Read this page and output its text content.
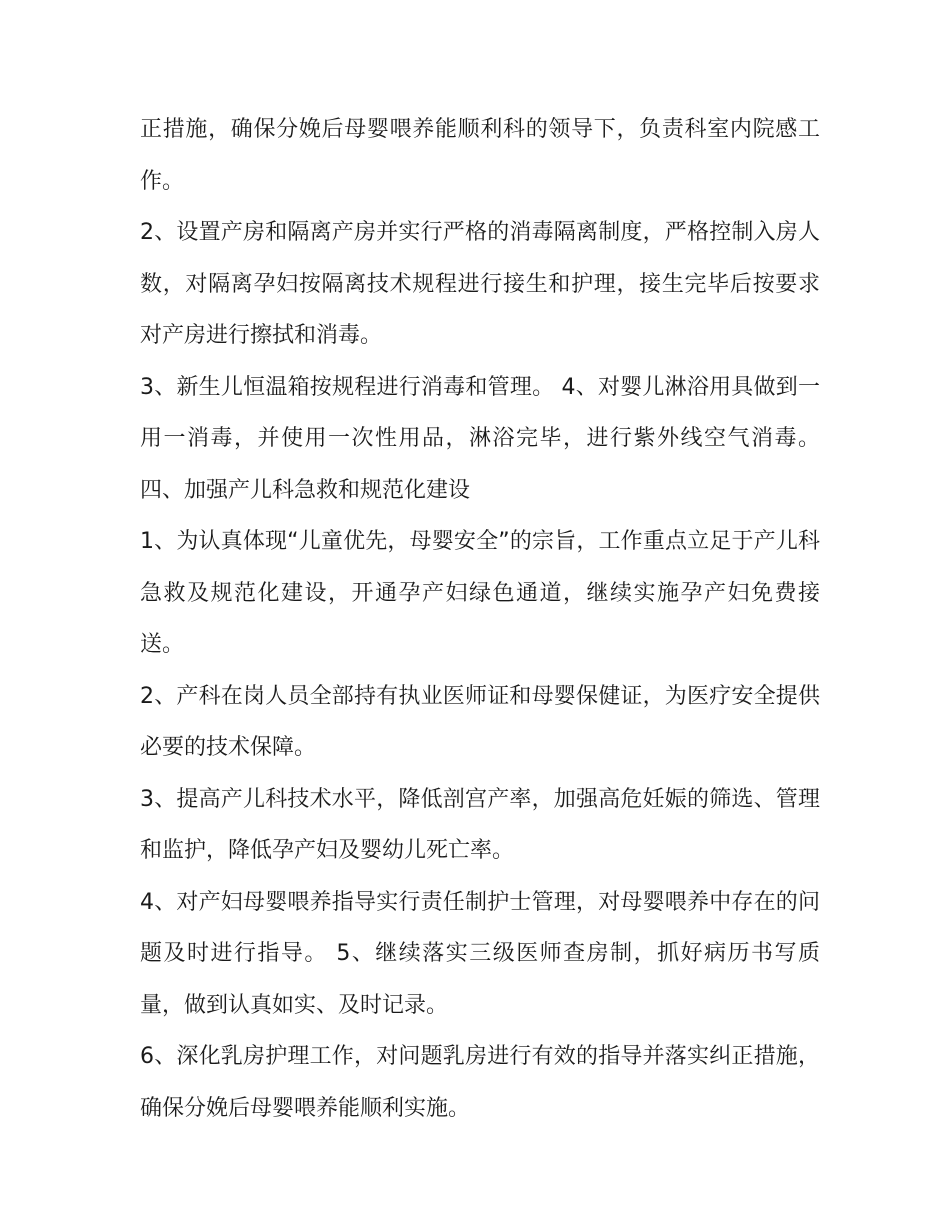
正措施，确保分娩后母婴喂养能顺利科的领导下，负责科室内院感工作。

2、设置产房和隔离产房并实行严格的消毒隔离制度，严格控制入房人数，对隔离孕妇按隔离技术规程进行接生和护理，接生完毕后按要求对产房进行擦拭和消毒。

3、新生儿恒温箱按规程进行消毒和管理。 4、对婴儿淋浴用具做到一用一消毒，并使用一次性用品，淋浴完毕，进行紫外线空气消毒。 四、加强产儿科急救和规范化建设

1、为认真体现“儿童优先，母婴安全”的宗旨，工作重点立足于产儿科急救及规范化建设，开通孕产妇绿色通道，继续实施孕产妇免费接送。

2、产科在岗人员全部持有执业医师证和母婴保健证，为医疗安全提供必要的技术保障。

3、提高产儿科技术水平，降低剖宫产率，加强高危妊娠的筛选、管理和监护，降低孕产妇及婴幼儿死亡率。

4、对产妇母婴喂养指导实行责任制护士管理，对母婴喂养中存在的问题及时进行指导。 5、继续落实三级医师查房制，抓好病历书写质量，做到认真如实、及时记录。

6、深化乳房护理工作，对问题乳房进行有效的指导并落实纠正措施，确保分娩后母婴喂养能顺利实施。
